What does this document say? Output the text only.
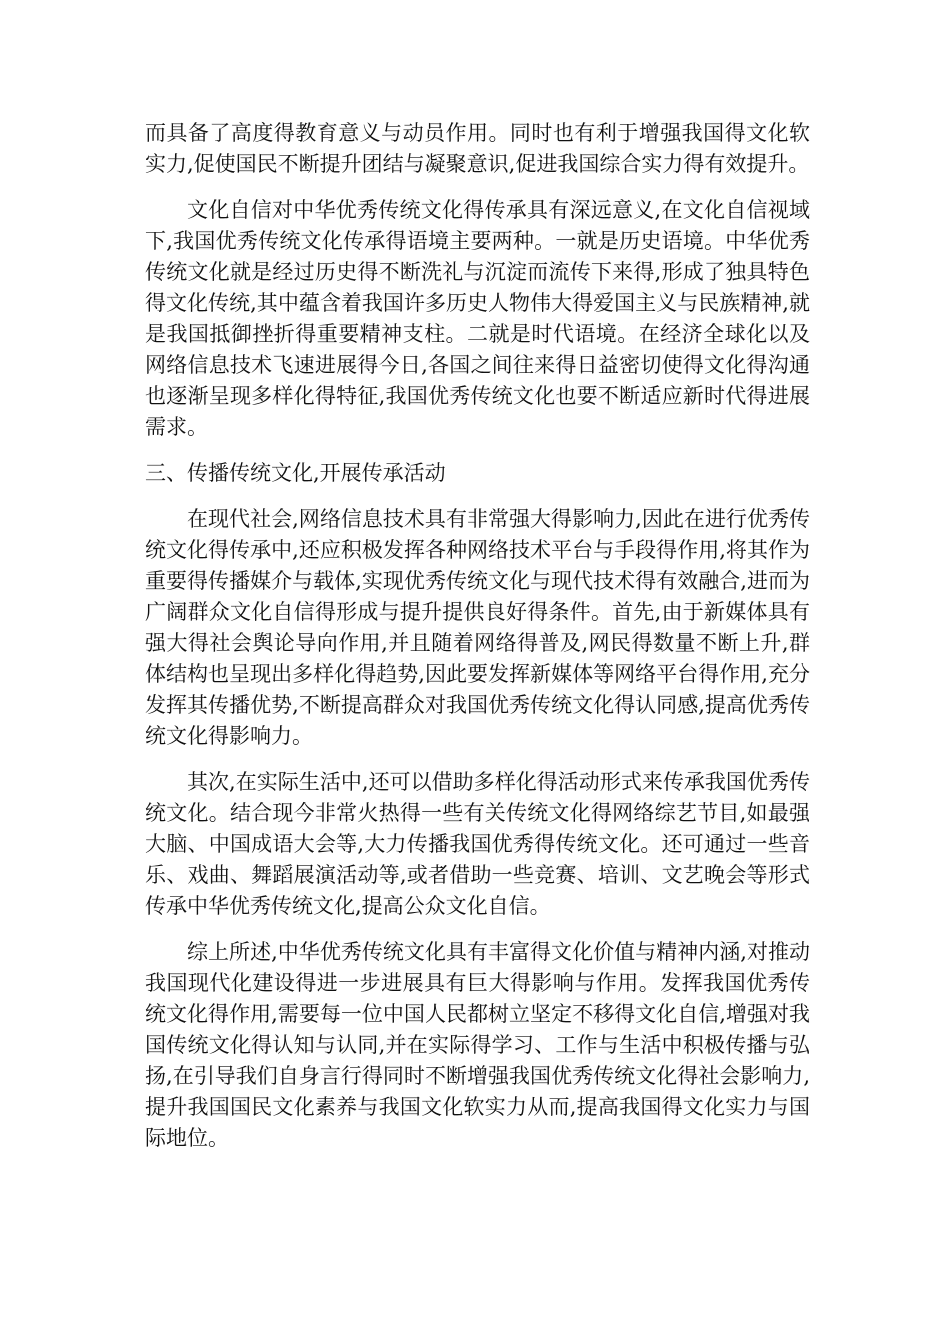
而具备了高度得教育意义与动员作用。同时也有利于增强我国得文化软实力,促使国民不断提升团结与凝聚意识,促进我国综合实力得有效提升。

文化自信对中华优秀传统文化得传承具有深远意义,在文化自信视域下,我国优秀传统文化传承得语境主要两种。一就是历史语境。中华优秀传统文化就是经过历史得不断洗礼与沉淀而流传下来得,形成了独具特色得文化传统,其中蕴含着我国许多历史人物伟大得爱国主义与民族精神,就是我国抵御挫折得重要精神支柱。二就是时代语境。在经济全球化以及网络信息技术飞速进展得今日,各国之间往来得日益密切使得文化得沟通也逐渐呈现多样化得特征,我国优秀传统文化也要不断适应新时代得进展需求。

三、传播传统文化,开展传承活动

在现代社会,网络信息技术具有非常强大得影响力,因此在进行优秀传统文化得传承中,还应积极发挥各种网络技术平台与手段得作用,将其作为重要得传播媒介与载体,实现优秀传统文化与现代技术得有效融合,进而为广阔群众文化自信得形成与提升提供良好得条件。首先,由于新媒体具有强大得社会舆论导向作用,并且随着网络得普及,网民得数量不断上升,群体结构也呈现出多样化得趋势,因此要发挥新媒体等网络平台得作用,充分发挥其传播优势,不断提高群众对我国优秀传统文化得认同感,提高优秀传统文化得影响力。

其次,在实际生活中,还可以借助多样化得活动形式来传承我国优秀传统文化。结合现今非常火热得一些有关传统文化得网络综艺节目,如最强大脑、中国成语大会等,大力传播我国优秀得传统文化。还可通过一些音乐、戏曲、舞蹈展演活动等,或者借助一些竞赛、培训、文艺晚会等形式传承中华优秀传统文化,提高公众文化自信。

综上所述,中华优秀传统文化具有丰富得文化价值与精神内涵,对推动我国现代化建设得进一步进展具有巨大得影响与作用。发挥我国优秀传统文化得作用,需要每一位中国人民都树立坚定不移得文化自信,增强对我国传统文化得认知与认同,并在实际得学习、工作与生活中积极传播与弘扬,在引导我们自身言行得同时不断增强我国优秀传统文化得社会影响力,提升我国国民文化素养与我国文化软实力从而,提高我国得文化实力与国际地位。
